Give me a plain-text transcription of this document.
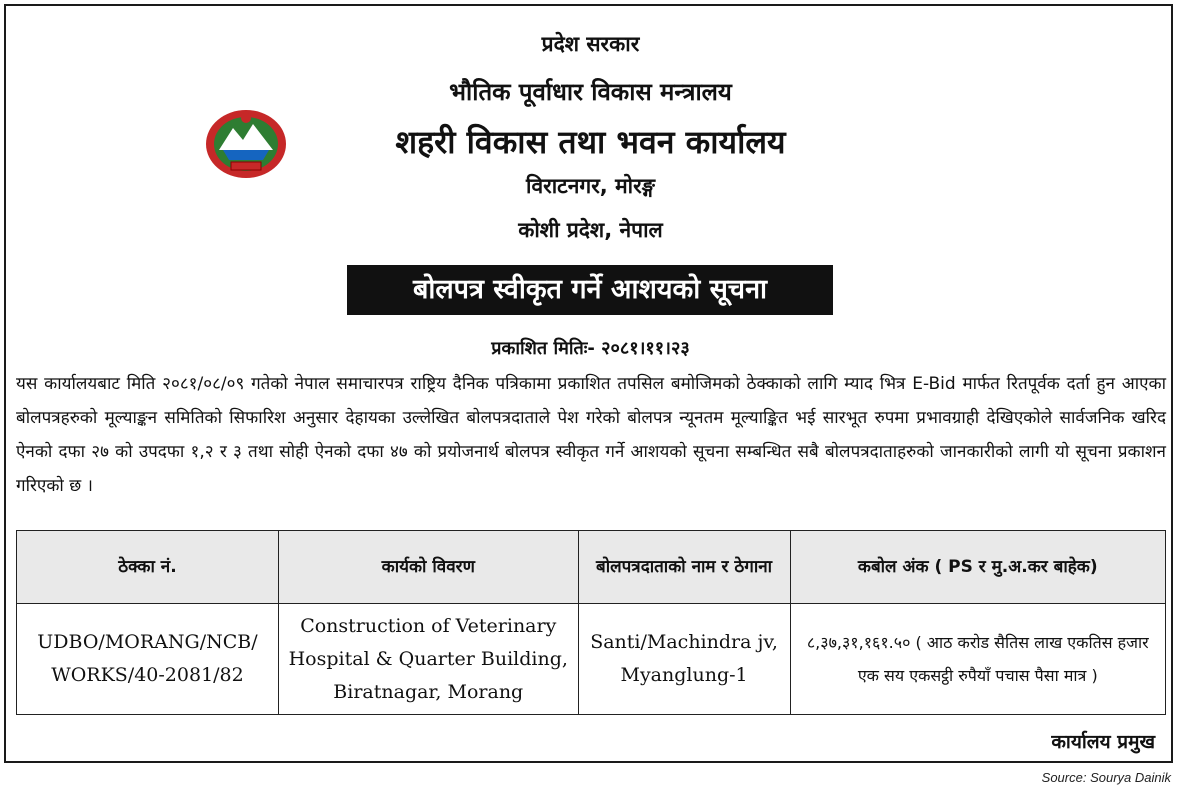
प्रदेश सरकार
भौतिक पूर्वाधार विकास मन्त्रालय
शहरी विकास तथा भवन कार्यालय
विराटनगर, मोरङ्ग
कोशी प्रदेश, नेपाल
बोलपत्र स्वीकृत गर्ने आशयको सूचना
प्रकाशित मितिः- २०८१।११।२३
यस कार्यालयबाट मिति २०८१/०८/०९ गतेको नेपाल समाचारपत्र राष्ट्रिय दैनिक पत्रिकामा प्रकाशित तपसिल बमोजिमको ठेक्काको लागि म्याद भित्र E-Bid मार्फत रितपूर्वक दर्ता हुन आएका बोलपत्रहरुको मूल्याङ्कन समितिको सिफारिश अनुसार देहायका उल्लेखित बोलपत्रदाताले पेश गरेको बोलपत्र न्यूनतम मूल्याङ्कित भई सारभूत रुपमा प्रभावग्राही देखिएकोले सार्वजनिक खरिद ऐनको दफा २७ को उपदफा १,२ र ३ तथा सोही ऐनको दफा ४७ को प्रयोजनार्थ बोलपत्र स्वीकृत गर्ने आशयको सूचना सम्बन्धित सबै बोलपत्रदाताहरुको जानकारीको लागी यो सूचना प्रकाशन गरिएको छ ।
ठेक्का नं.	कार्यको विवरण	बोलपत्रदाताको नाम र ठेगाना	कबोल अंक ( PS र मु.अ.कर बाहेक)
UDBO/MORANG/NCB/ WORKS/40-2081/82	Construction of Veterinary Hospital & Quarter Building, Biratnagar, Morang	Santi/Machindra jv, Myanglung-1	८,३७,३१,१६१.५० ( आठ करोड सैतिस लाख एकतिस हजार एक सय एकसट्ठी रुपैयाँ पचास पैसा मात्र )
कार्यालय प्रमुख
Source: Sourya Dainik
